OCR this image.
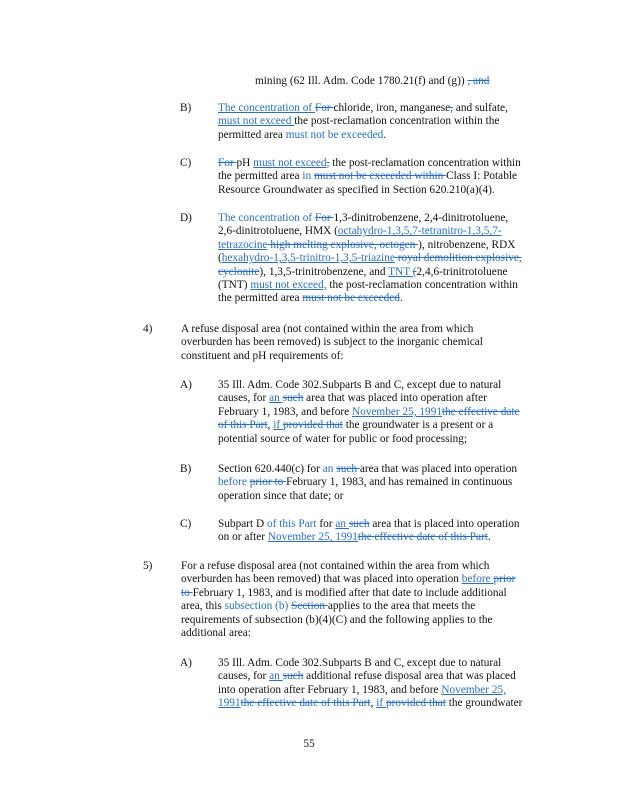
mining (62 Ill. Adm. Code 1780.21(f) and (g)) , and
B) The concentration of For chloride, iron, manganese, and sulfate,
must not exceed the post-reclamation concentration within the
permitted area must not be exceeded.
C) For pH must not exceed, the post-reclamation concentration within
the permitted area in must not be exceeded within Class I: Potable
Resource Groundwater as specified in Section 620.210(a)(4).
D) The concentration of For 1,3-dinitrobenzene, 2,4-dinitrotoluene,
2,6-dinitrotoluene, HMX (octahydro-1,3,5,7-tetranitro-1,3,5,7-
tetrazocine high melting explosive, octogen ), nitrobenzene, RDX
(hexahydro-1,3,5-trinitro-1,3,5-triazine royal demolition explosive,
cyclonite), 1,3,5-trinitrobenzene, and TNT (2,4,6-trinitrotoluene
(TNT) must not exceed, the post-reclamation concentration within
the permitted area must not be exceeded.
4)	A refuse disposal area (not contained within the area from which
overburden has been removed) is subject to the inorganic chemical
constituent and pH requirements of:
A) 35 Ill. Adm. Code 302.Subparts B and C, except due to natural
causes, for an such area that was placed into operation after
February 1, 1983, and before November 25, 1991the effective date
of this Part, if provided that the groundwater is a present or a
potential source of water for public or food processing;
B) Section 620.440(c) for an such area that was placed into operation
before prior to February 1, 1983, and has remained in continuous
operation since that date; or
C) Subpart D of this Part for an such area that is placed into operation
on or after November 25, 1991the effective date of this Part.
5)	For a refuse disposal area (not contained within the area from which
overburden has been removed) that was placed into operation before prior
to February 1, 1983, and is modified after that date to include additional
area, this subsection (b) Section applies to the area that meets the
requirements of subsection (b)(4)(C) and the following applies to the
additional area:
A) 35 Ill. Adm. Code 302.Subparts B and C, except due to natural
causes, for an such additional refuse disposal area that was placed
into operation after February 1, 1983, and before November 25,
1991the effective date of this Part, if provided that the groundwater
55
